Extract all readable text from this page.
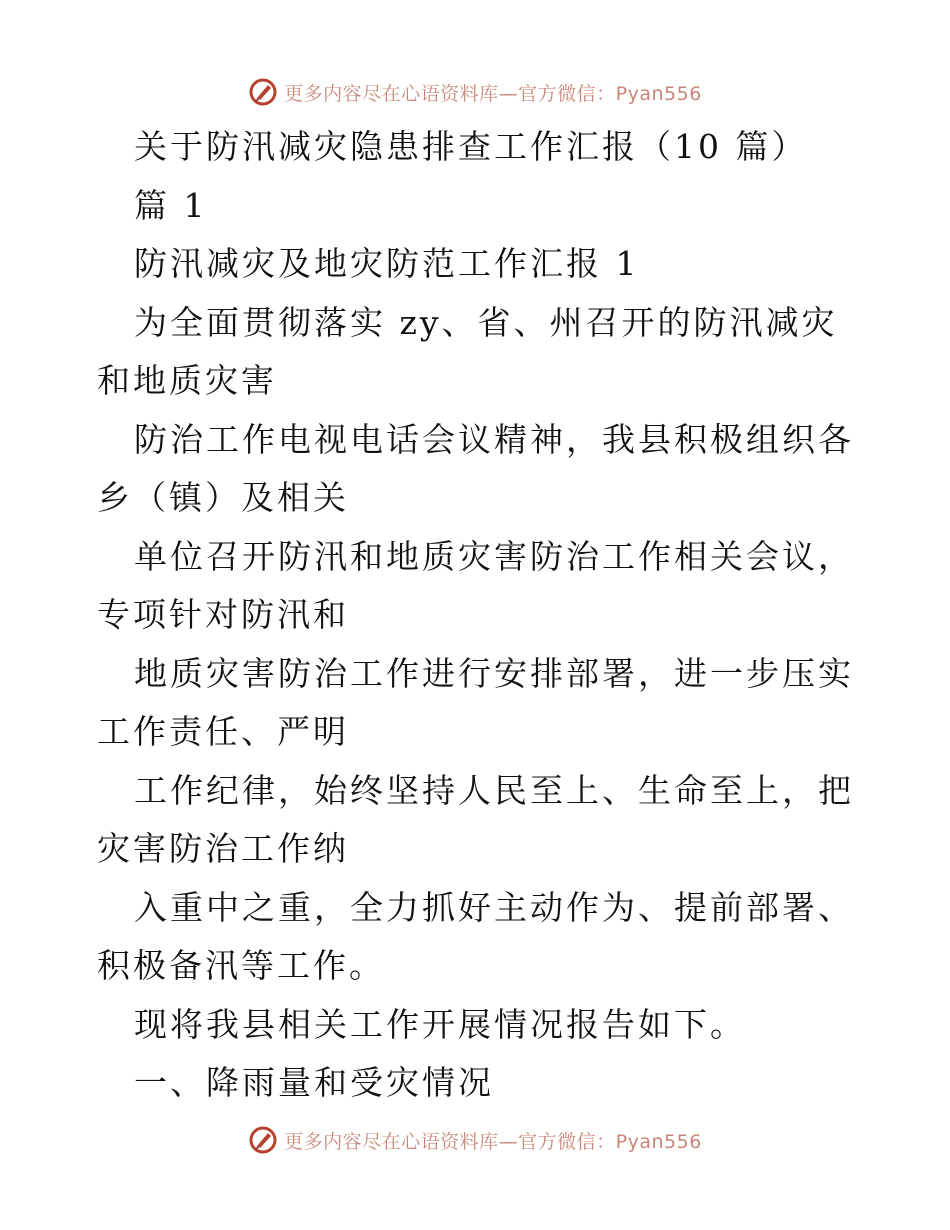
更多内容尽在心语资料库—官方微信：Pyan556

关于防汛减灾隐患排查工作汇报（10 篇）

篇 1

防汛减灾及地灾防范工作汇报 1

为全面贯彻落实 zy、省、州召开的防汛减灾和地质灾害

防治工作电视电话会议精神，我县积极组织各乡（镇）及相关

单位召开防汛和地质灾害防治工作相关会议，专项针对防汛和

地质灾害防治工作进行安排部署，进一步压实工作责任、严明

工作纪律，始终坚持人民至上、生命至上，把灾害防治工作纳

入重中之重，全力抓好主动作为、提前部署、积极备汛等工作。

现将我县相关工作开展情况报告如下。

一、降雨量和受灾情况

更多内容尽在心语资料库—官方微信：Pyan556
